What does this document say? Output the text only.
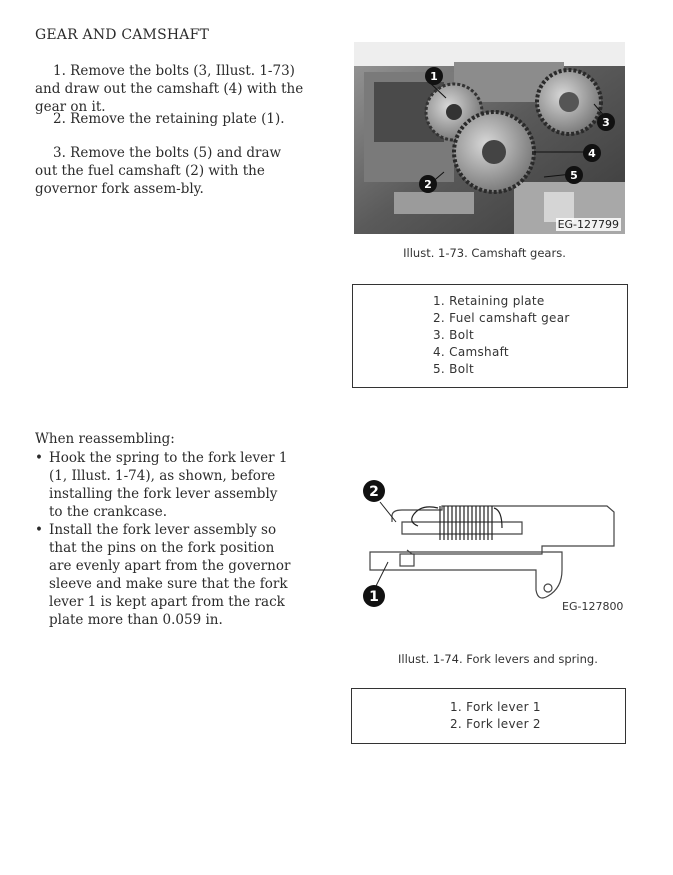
GEAR AND CAMSHAFT

1. Remove the bolts (3, Illust. 1-73) and draw out the camshaft (4) with the gear on it.

2. Remove the retaining plate (1).

3. Remove the bolts (5) and draw out the fuel camshaft (2) with the governor fork assem-bly.

When reassembling:
• Hook the spring to the fork lever 1 (1, Illust. 1-74), as shown, before installing the fork lever assembly to the crankcase.
• Install the fork lever assembly so that the pins on the fork position are evenly apart from the governor sleeve and make sure that the fork lever 1 is kept apart from the rack plate more than 0.059 in.
EG-127799
Illust. 1-73. Camshaft gears.
1. Retaining plate
2. Fuel camshaft gear
3. Bolt
4. Camshaft
5. Bolt
2
1
EG-127800
Illust. 1-74. Fork levers and spring.
1. Fork lever 1
2. Fork lever 2
1
2
3
4
5
